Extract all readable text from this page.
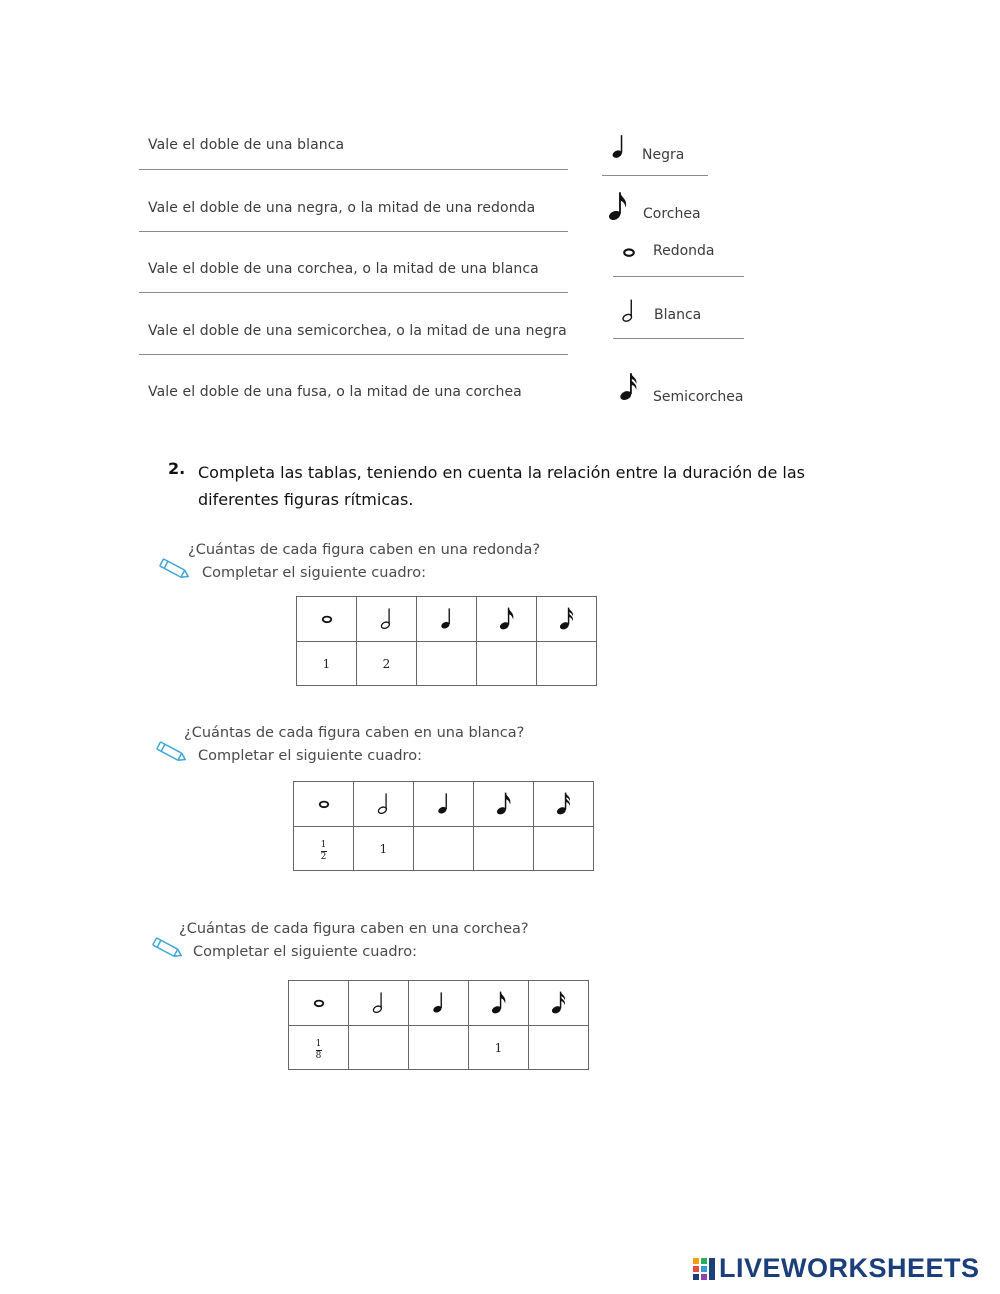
Vale el doble de una blanca
Vale el doble de una negra, o la mitad de una redonda
Vale el doble de una corchea, o la mitad de una blanca
Vale el doble de una semicorchea, o la mitad de una negra
Vale el doble de una fusa, o la mitad de una corchea
Negra
Corchea
Redonda
Blanca
Semicorchea
2. Completa las tablas, teniendo en cuenta la relación entre la duración de las diferentes figuras rítmicas.
¿Cuántas de cada figura caben en una redonda?
Completar el siguiente cuadro:

1	2			
¿Cuántas de cada figura caben en una blanca?
Completar el siguiente cuadro:

$\frac{1}{2}$	1			
¿Cuántas de cada figura caben en una corchea?
Completar el siguiente cuadro:

$\frac{1}{8}$			1	
LIVEWORKSHEETS
